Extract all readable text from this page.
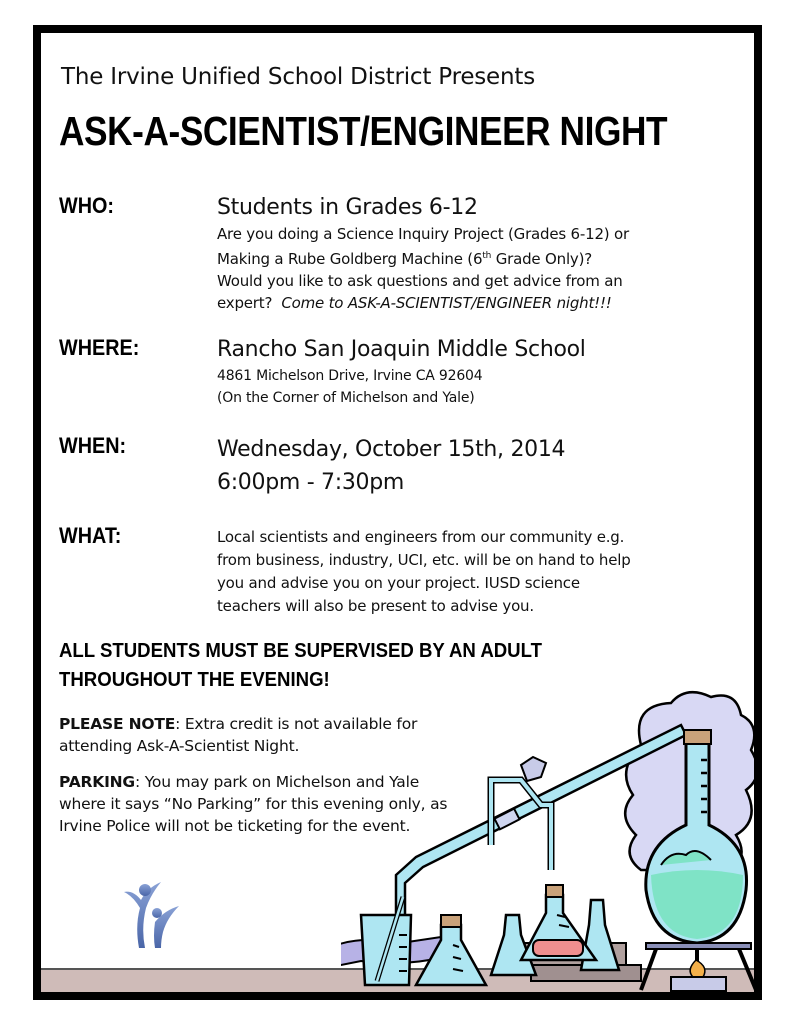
The Irvine Unified School District Presents
ASK-A-SCIENTIST/ENGINEER NIGHT
WHO:	Students in Grades 6-12
Are you doing a Science Inquiry Project (Grades 6-12) or
Making a Rube Goldberg Machine (6th Grade Only)?
Would you like to ask questions and get advice from an
expert?  Come to ASK-A-SCIENTIST/ENGINEER night!!!
WHERE:	Rancho San Joaquin Middle School
4861 Michelson Drive, Irvine CA 92604
(On the Corner of Michelson and Yale)
WHEN:	Wednesday, October 15th, 2014
6:00pm - 7:30pm
WHAT:	Local scientists and engineers from our community e.g.
from business, industry, UCI, etc. will be on hand to help
you and advise you on your project. IUSD science
teachers will also be present to advise you.
ALL STUDENTS MUST BE SUPERVISED BY AN ADULT
THROUGHOUT THE EVENING!
PLEASE NOTE: Extra credit is not available for attending Ask-A-Scientist Night.
PARKING: You may park on Michelson and Yale where it says “No Parking” for this evening only, as Irvine Police will not be ticketing for the event.
